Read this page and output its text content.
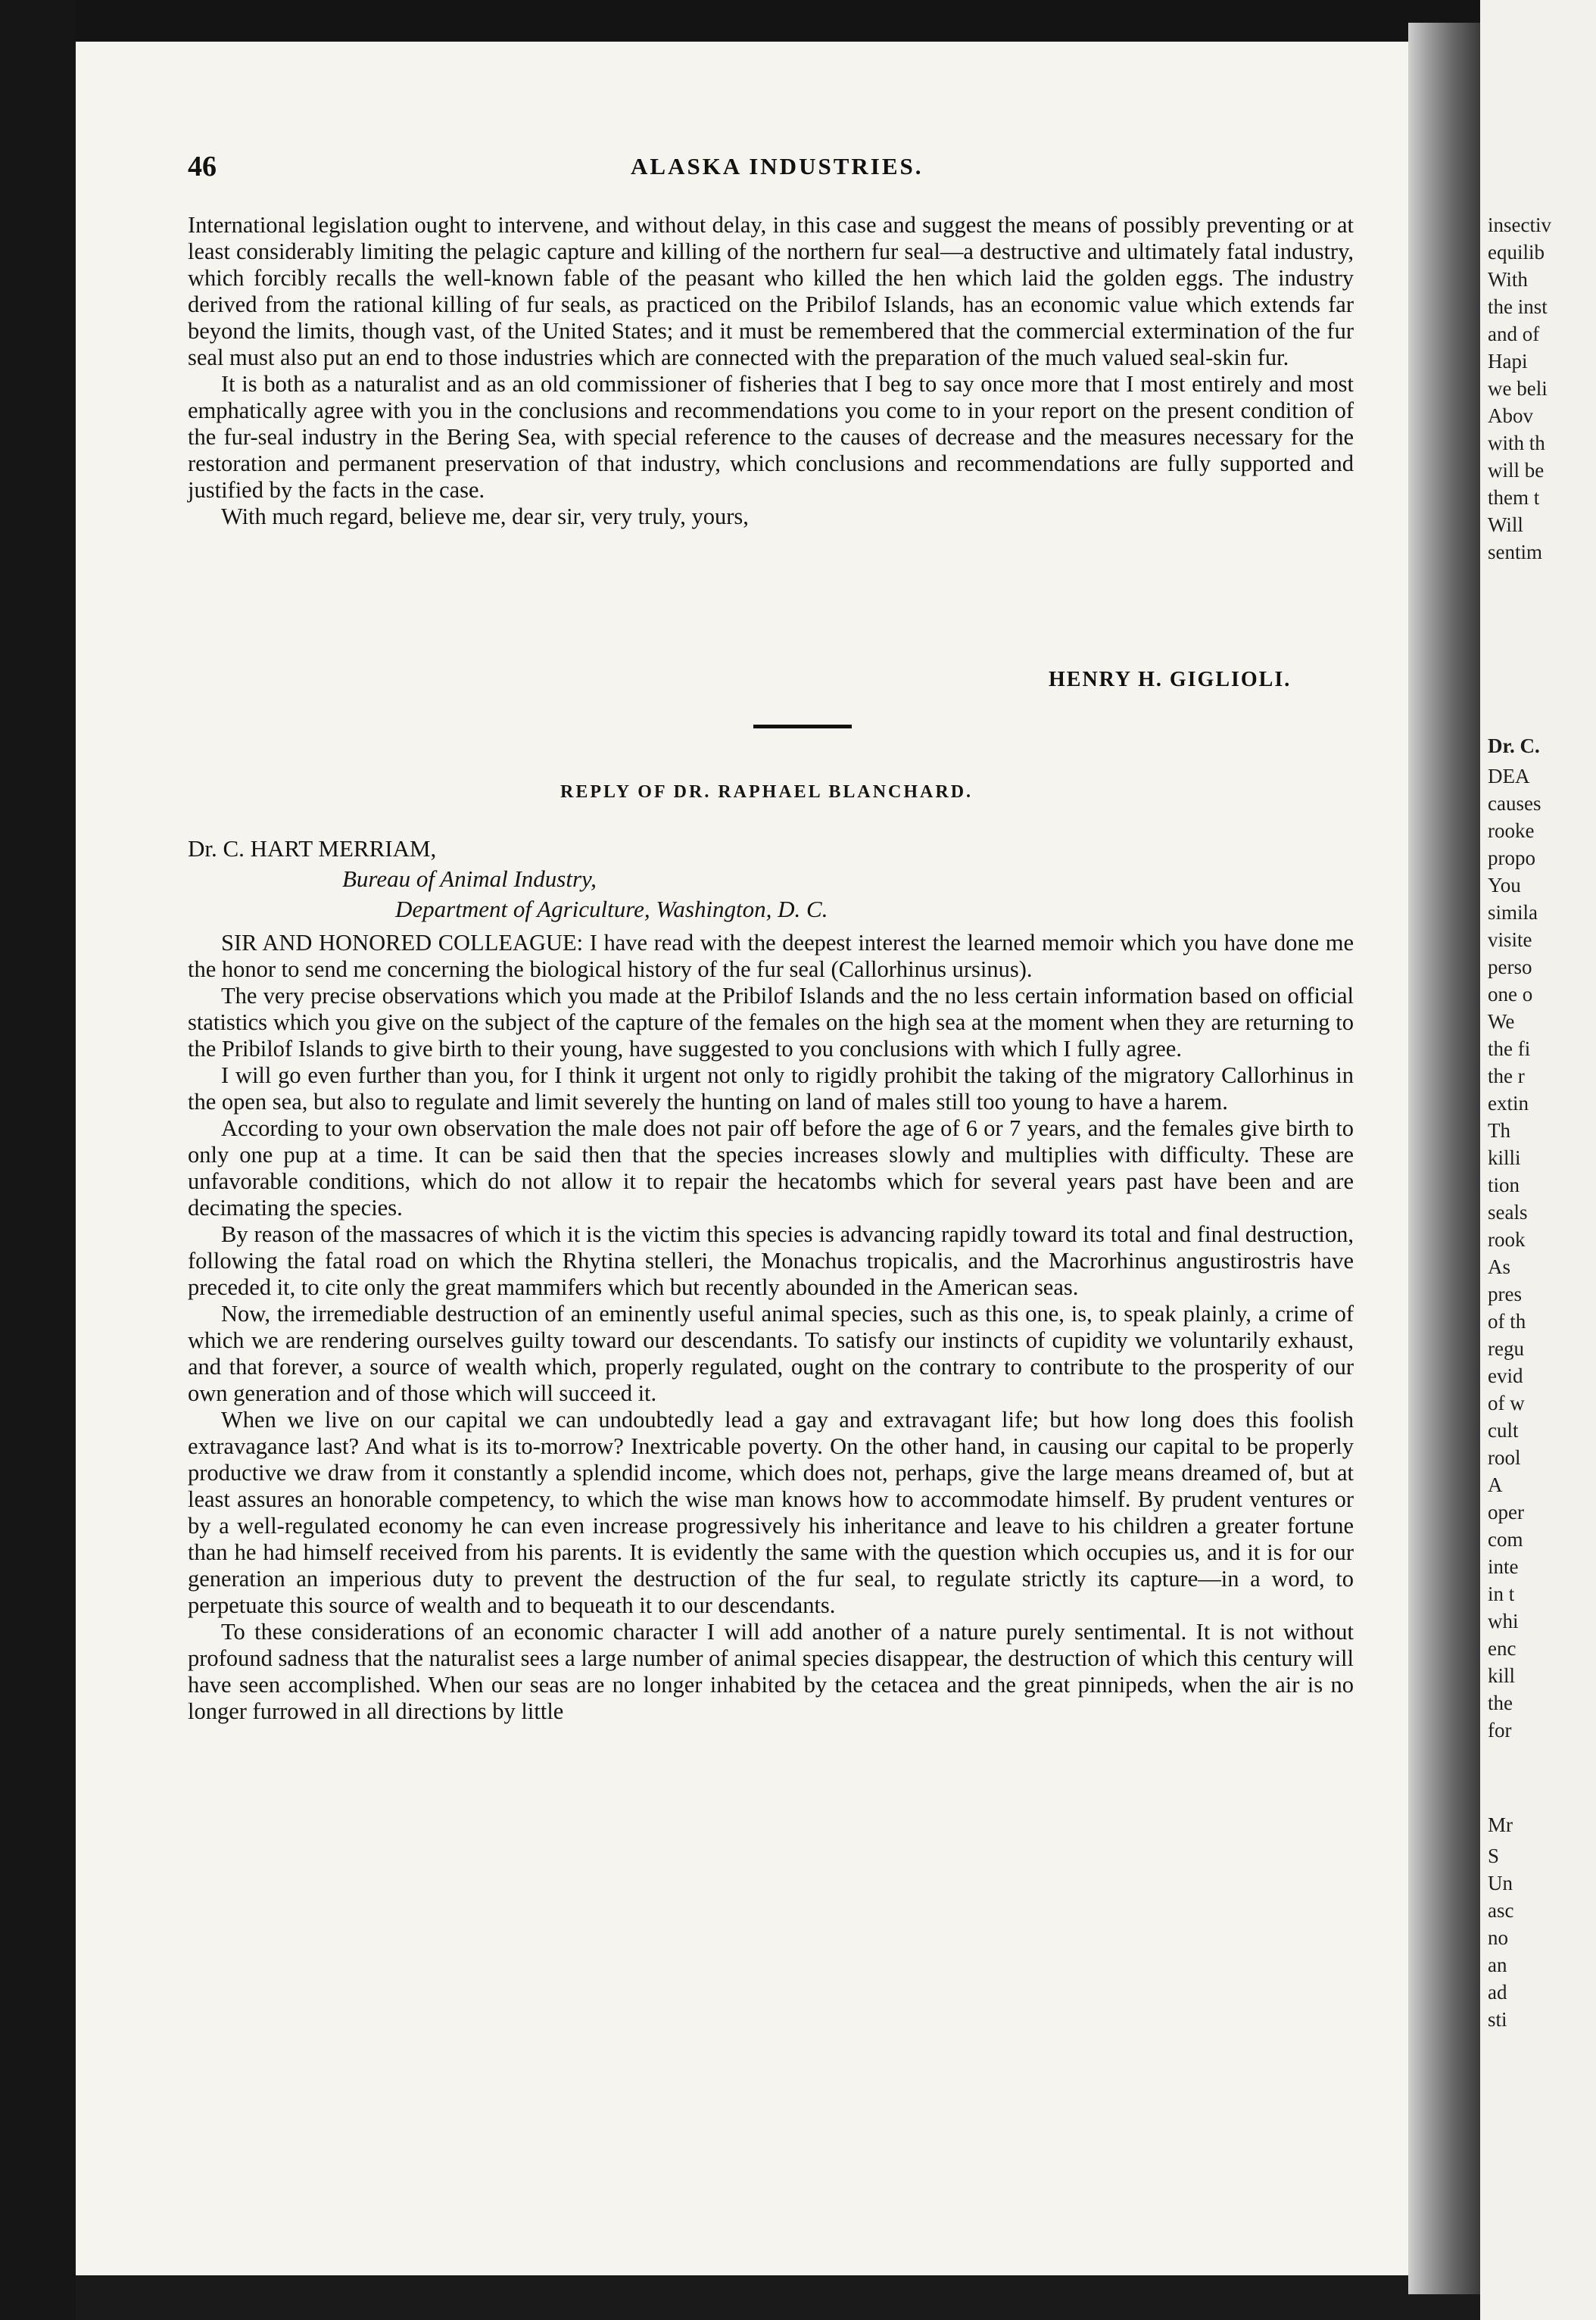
46	ALASKA INDUSTRIES.

International legislation ought to intervene, and without delay, in this case and suggest the means of possibly preventing or at least considerably limiting the pelagic capture and killing of the northern fur seal—a destructive and ultimately fatal industry, which forcibly recalls the well-known fable of the peasant who killed the hen which laid the golden eggs. The industry derived from the rational killing of fur seals, as practiced on the Pribilof Islands, has an economic value which extends far beyond the limits, though vast, of the United States; and it must be remembered that the commercial extermination of the fur seal must also put an end to those industries which are connected with the preparation of the much valued seal-skin fur.

It is both as a naturalist and as an old commissioner of fisheries that I beg to say once more that I most entirely and most emphatically agree with you in the conclusions and recommendations you come to in your report on the present condition of the fur-seal industry in the Bering Sea, with special reference to the causes of decrease and the measures necessary for the restoration and permanent preservation of that industry, which conclusions and recommendations are fully supported and justified by the facts in the case.

With much regard, believe me, dear sir, very truly, yours,

HENRY H. GIGLIOLI.
REPLY OF DR. RAPHAEL BLANCHARD.
Dr. C. HART MERRIAM,
Bureau of Animal Industry,
Department of Agriculture, Washington, D. C.

SIR AND HONORED COLLEAGUE: I have read with the deepest interest the learned memoir which you have done me the honor to send me concerning the biological history of the fur seal (Callorhinus ursinus).

The very precise observations which you made at the Pribilof Islands and the no less certain information based on official statistics which you give on the subject of the capture of the females on the high sea at the moment when they are returning to the Pribilof Islands to give birth to their young, have suggested to you conclusions with which I fully agree.

I will go even further than you, for I think it urgent not only to rigidly prohibit the taking of the migratory Callorhinus in the open sea, but also to regulate and limit severely the hunting on land of males still too young to have a harem.

According to your own observation the male does not pair off before the age of 6 or 7 years, and the females give birth to only one pup at a time. It can be said then that the species increases slowly and multiplies with difficulty. These are unfavorable conditions, which do not allow it to repair the hecatombs which for several years past have been and are decimating the species.

By reason of the massacres of which it is the victim this species is advancing rapidly toward its total and final destruction, following the fatal road on which the Rhytina stelleri, the Monachus tropicalis, and the Macrorhinus angustirostris have preceded it, to cite only the great mammifers which but recently abounded in the American seas.

Now, the irremediable destruction of an eminently useful animal species, such as this one, is, to speak plainly, a crime of which we are rendering ourselves guilty toward our descendants. To satisfy our instincts of cupidity we voluntarily exhaust, and that forever, a source of wealth which, properly regulated, ought on the contrary to contribute to the prosperity of our own generation and of those which will succeed it.

When we live on our capital we can undoubtedly lead a gay and extravagant life; but how long does this foolish extravagance last? And what is its to-morrow? Inextricable poverty. On the other hand, in causing our capital to be properly productive we draw from it constantly a splendid income, which does not, perhaps, give the large means dreamed of, but at least assures an honorable competency, to which the wise man knows how to accommodate himself. By prudent ventures or by a well-regulated economy he can even increase progressively his inheritance and leave to his children a greater fortune than he had himself received from his parents. It is evidently the same with the question which occupies us, and it is for our generation an imperious duty to prevent the destruction of the fur seal, to regulate strictly its capture—in a word, to perpetuate this source of wealth and to bequeath it to our descendants.

To these considerations of an economic character I will add another of a nature purely sentimental. It is not without profound sadness that the naturalist sees a large number of animal species disappear, the destruction of which this century will have seen accomplished. When our seas are no longer inhabited by the cetacea and the great pinnipeds, when the air is no longer furrowed in all directions by little

insectiv
equilib
With
the inst
and of
Hapi
we beli
Abov
with th
will be
them t
Will
sentim
Dr. C.
DEA
causes
rooke
propo
You
simila
visite
perso
one o
We
the fi
the r
extin
Th
killi
tion
seals
rook
As
pres
of th
regu
evid
of w
cult
rool
A
oper
com
inte
in t
whi
enc
kill
the
for
Mr
S
Un
asc
no
an
ad
sti
